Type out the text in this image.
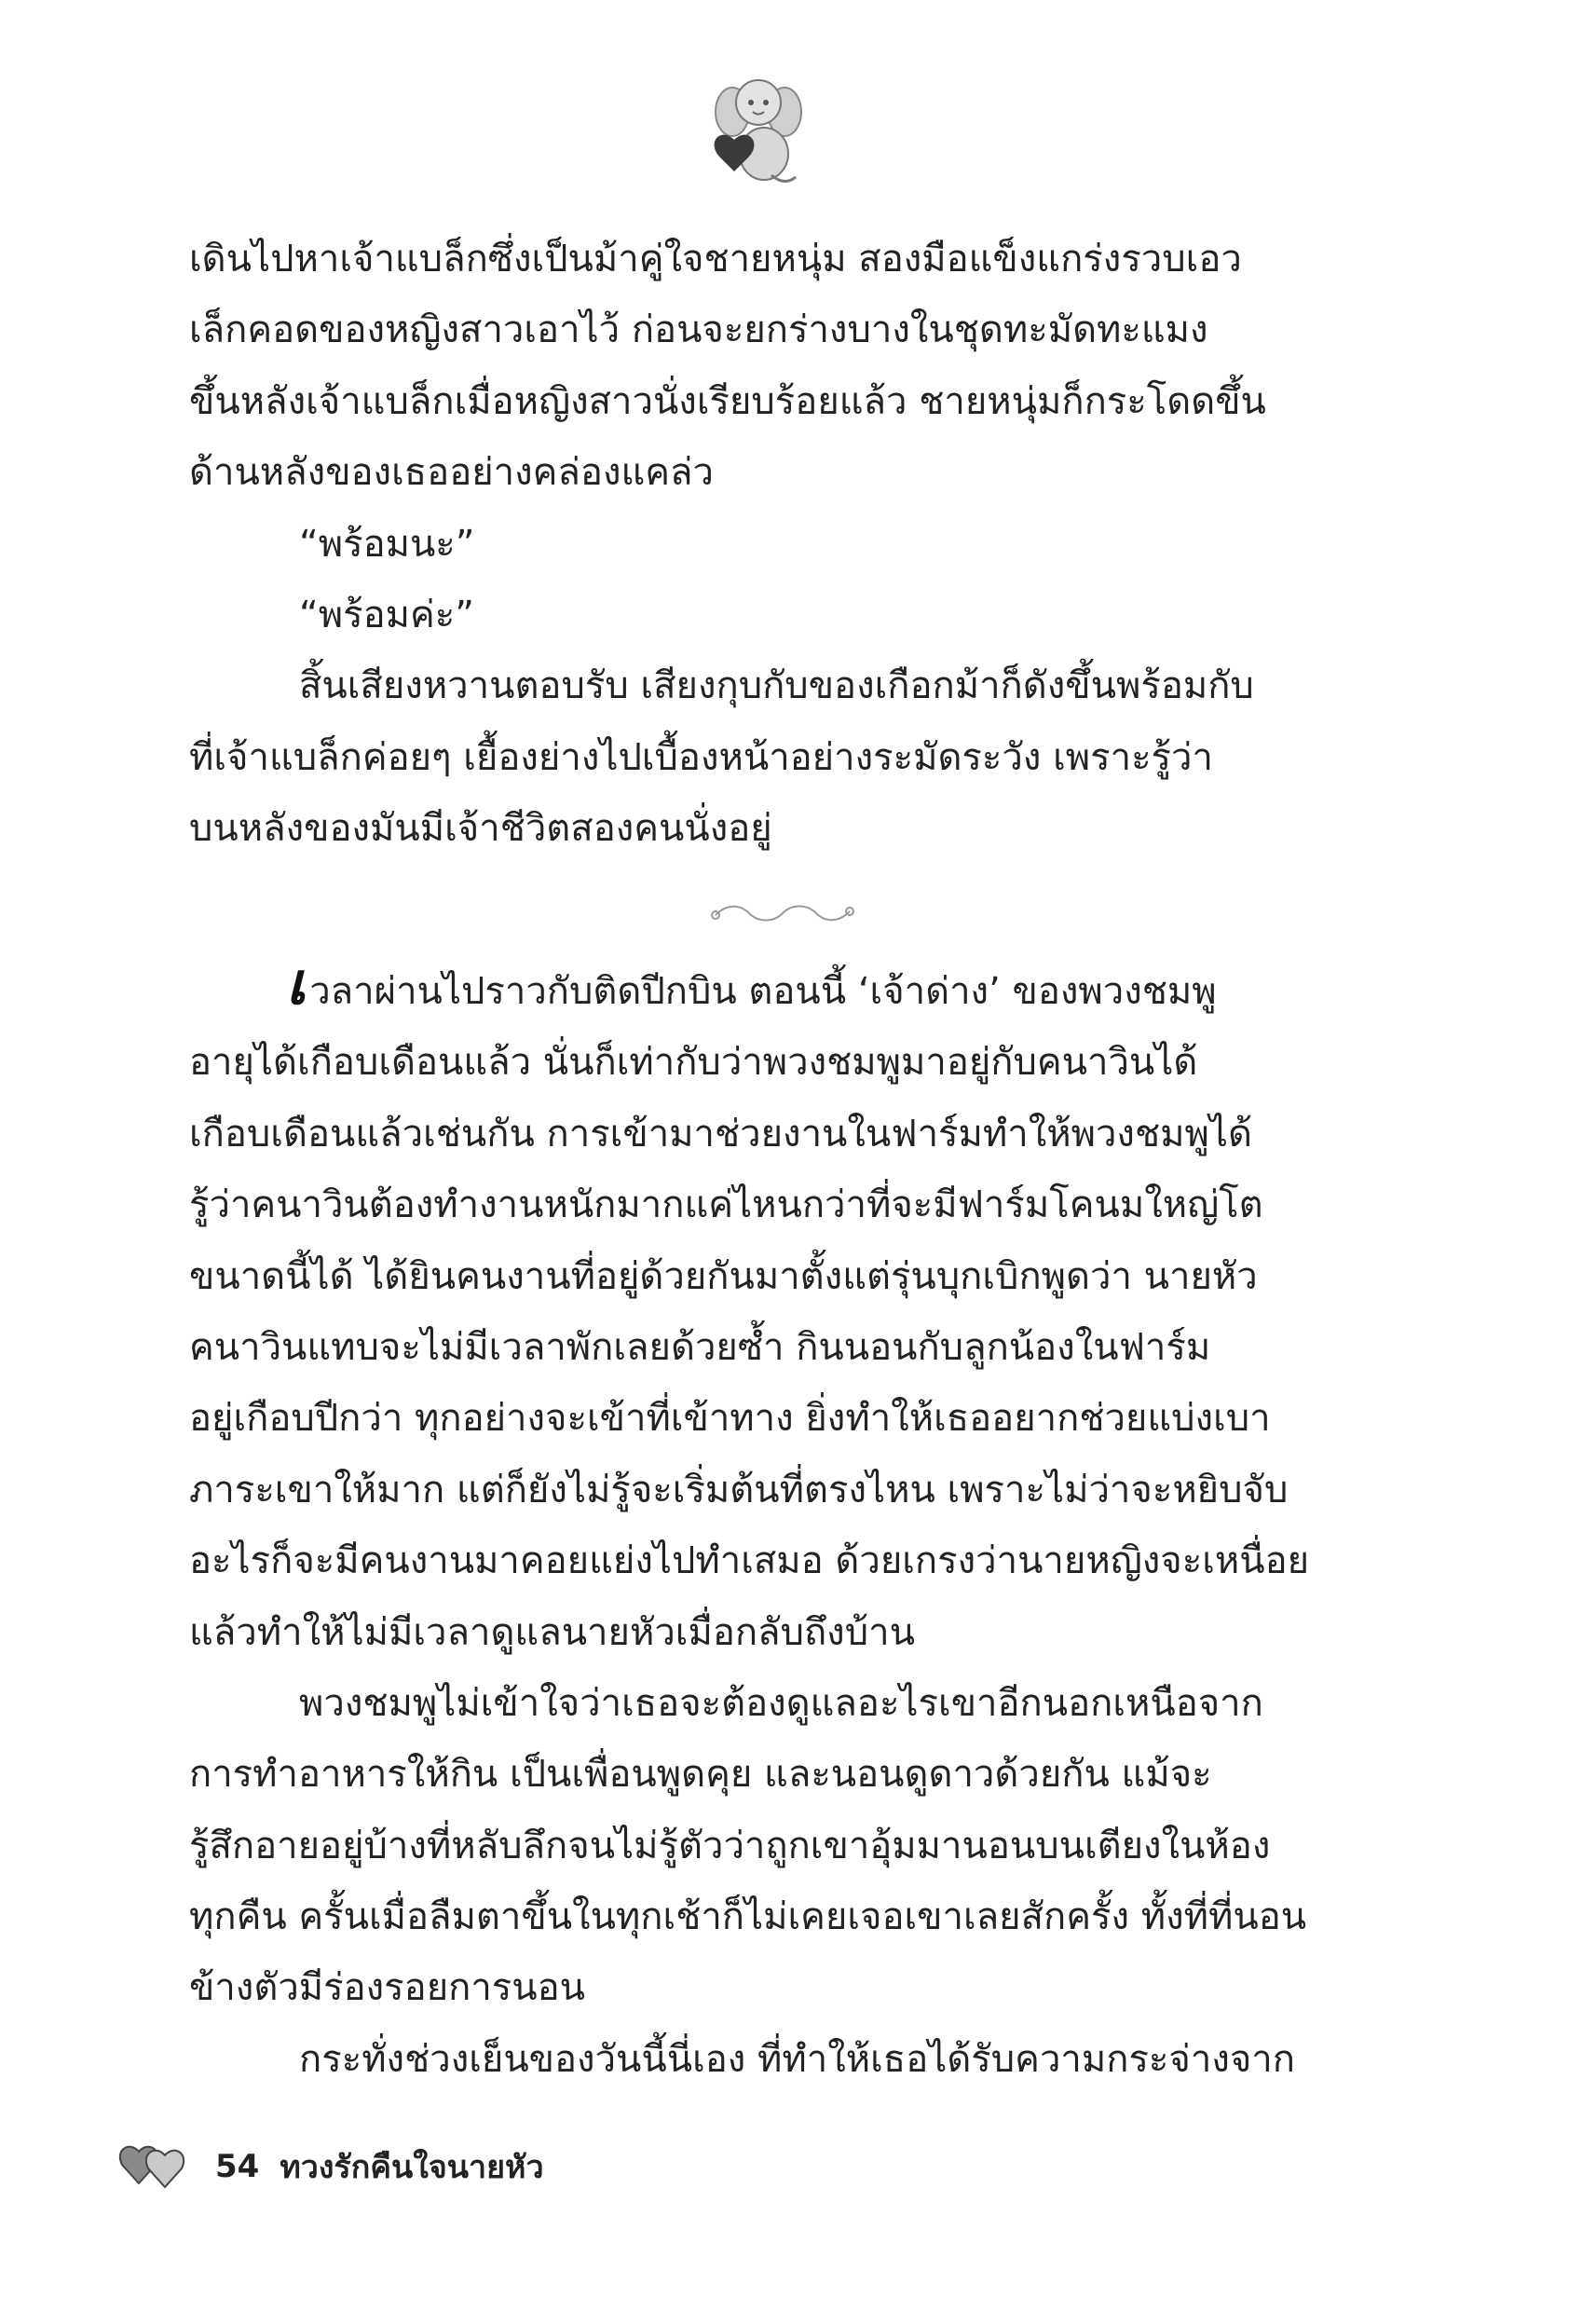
เดินไปหาเจ้าแบล็กซึ่งเป็นม้าคู่ใจชายหนุ่ม สองมือแข็งแกร่งรวบเอว
เล็กคอดของหญิงสาวเอาไว้ ก่อนจะยกร่างบางในชุดทะมัดทะแมง
ขึ้นหลังเจ้าแบล็กเมื่อหญิงสาวนั่งเรียบร้อยแล้ว ชายหนุ่มก็กระโดดขึ้น
ด้านหลังของเธออย่างคล่องแคล่ว
“พร้อมนะ”
“พร้อมค่ะ”
สิ้นเสียงหวานตอบรับ เสียงกุบกับของเกือกม้าก็ดังขึ้นพร้อมกับ
ที่เจ้าแบล็กค่อยๆ เยื้องย่างไปเบื้องหน้าอย่างระมัดระวัง เพราะรู้ว่า
บนหลังของมันมีเจ้าชีวิตสองคนนั่งอยู่
เ วลาผ่านไปราวกับติดปีกบิน ตอนนี้ ‘เจ้าด่าง’ ของพวงชมพู
อายุได้เกือบเดือนแล้ว นั่นก็เท่ากับว่าพวงชมพูมาอยู่กับคนาวินได้
เกือบเดือนแล้วเช่นกัน การเข้ามาช่วยงานในฟาร์มทำให้พวงชมพูได้
รู้ว่าคนาวินต้องทำงานหนักมากแค่ไหนกว่าที่จะมีฟาร์มโคนมใหญ่โต
ขนาดนี้ได้ ได้ยินคนงานที่อยู่ด้วยกันมาตั้งแต่รุ่นบุกเบิกพูดว่า นายหัว
คนาวินแทบจะไม่มีเวลาพักเลยด้วยซ้ำ กินนอนกับลูกน้องในฟาร์ม
อยู่เกือบปีกว่า ทุกอย่างจะเข้าที่เข้าทาง ยิ่งทำให้เธออยากช่วยแบ่งเบา
ภาระเขาให้มาก แต่ก็ยังไม่รู้จะเริ่มต้นที่ตรงไหน เพราะไม่ว่าจะหยิบจับ
อะไรก็จะมีคนงานมาคอยแย่งไปทำเสมอ ด้วยเกรงว่านายหญิงจะเหนื่อย
แล้วทำให้ไม่มีเวลาดูแลนายหัวเมื่อกลับถึงบ้าน
พวงชมพูไม่เข้าใจว่าเธอจะต้องดูแลอะไรเขาอีกนอกเหนือจาก
การทำอาหารให้กิน เป็นเพื่อนพูดคุย และนอนดูดาวด้วยกัน แม้จะ
รู้สึกอายอยู่บ้างที่หลับลึกจนไม่รู้ตัวว่าถูกเขาอุ้มมานอนบนเตียงในห้อง
ทุกคืน ครั้นเมื่อลืมตาขึ้นในทุกเช้าก็ไม่เคยเจอเขาเลยสักครั้ง ทั้งที่ที่นอน
ข้างตัวมีร่องรอยการนอน
กระทั่งช่วงเย็นของวันนี้นี่เอง ที่ทำให้เธอได้รับความกระจ่างจาก
54 ทวงรักคืนใจนายหัว
